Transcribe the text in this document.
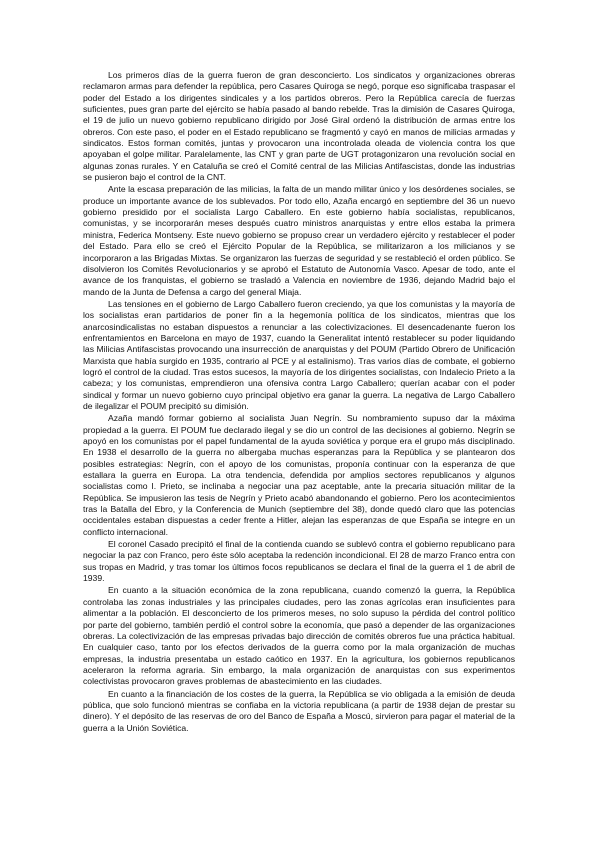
Los primeros días de la guerra fueron de gran desconcierto. Los sindicatos y organizaciones obreras reclamaron armas para defender la república, pero Casares Quiroga se negó, porque eso significaba traspasar el poder del Estado a los dirigentes sindicales y a los partidos obreros. Pero la República carecía de fuerzas suficientes, pues gran parte del ejército se había pasado al bando rebelde. Tras la dimisión de Casares Quiroga, el 19 de julio un nuevo gobierno republicano dirigido por José Giral ordenó la distribución de armas entre los obreros. Con este paso, el poder en el Estado republicano se fragmentó y cayó en manos de milicias armadas y sindicatos. Estos forman comités, juntas y provocaron una incontrolada oleada de violencia contra los que apoyaban el golpe militar. Paralelamente, las CNT y gran parte de UGT protagonizaron una revolución social en algunas zonas rurales. Y en Cataluña se creó el Comité central de las Milicias Antifascistas, donde las industrias se pusieron bajo el control de la CNT.

Ante la escasa preparación de las milicias, la falta de un mando militar único y los desórdenes sociales, se produce un importante avance de los sublevados. Por todo ello, Azaña encargó en septiembre del 36 un nuevo gobierno presidido por el socialista Largo Caballero. En este gobierno había socialistas, republicanos, comunistas, y se incorporarán meses después cuatro ministros anarquistas y entre ellos estaba la primera ministra, Federica Montseny. Este nuevo gobierno se propuso crear un verdadero ejército y restablecer el poder del Estado. Para ello se creó el Ejército Popular de la República, se militarizaron a los milicianos y se incorporaron a las Brigadas Mixtas. Se organizaron las fuerzas de seguridad y se restableció el orden público. Se disolvieron los Comités Revolucionarios y se aprobó el Estatuto de Autonomía Vasco. Apesar de todo, ante el avance de los franquistas, el gobierno se trasladó a Valencia en noviembre de 1936, dejando Madrid bajo el mando de la Junta de Defensa a cargo del general Miaja.

Las tensiones en el gobierno de Largo Caballero fueron creciendo, ya que los comunistas y la mayoría de los socialistas eran partidarios de poner fin a la hegemonía política de los sindicatos, mientras que los anarcosindicalistas no estaban dispuestos a renunciar a las colectivizaciones. El desencadenante fueron los enfrentamientos en Barcelona en mayo de 1937, cuando la Generalitat intentó restablecer su poder liquidando las Milicias Antifascistas provocando una insurrección de anarquistas y del POUM (Partido Obrero de Unificación Marxista que había surgido en 1935, contrario al PCE y al estalinismo). Tras varios días de combate, el gobierno logró el control de la ciudad. Tras estos sucesos, la mayoría de los dirigentes socialistas, con Indalecio Prieto a la cabeza; y los comunistas, emprendieron una ofensiva contra Largo Caballero; querían acabar con el poder sindical y formar un nuevo gobierno cuyo principal objetivo era ganar la guerra. La negativa de Largo Caballero de ilegalizar el POUM precipitó su dimisión.

Azaña mandó formar gobierno al socialista Juan Negrín. Su nombramiento supuso dar la máxima propiedad a la guerra. El POUM fue declarado ilegal y se dio un control de las decisiones al gobierno. Negrín se apoyó en los comunistas por el papel fundamental de la ayuda soviética y porque era el grupo más disciplinado. En 1938 el desarrollo de la guerra no albergaba muchas esperanzas para la República y se plantearon dos posibles estrategias: Negrín, con el apoyo de los comunistas, proponía continuar con la esperanza de que estallara la guerra en Europa. La otra tendencia, defendida por amplios sectores republicanos y algunos socialistas como I. Prieto, se inclinaba a negociar una paz aceptable, ante la precaria situación militar de la República. Se impusieron las tesis de Negrín y Prieto acabó abandonando el gobierno. Pero los acontecimientos tras la Batalla del Ebro, y la Conferencia de Munich (septiembre del 38), donde quedó claro que las potencias occidentales estaban dispuestas a ceder frente a Hitler, alejan las esperanzas de que España se integre en un conflicto internacional.

El coronel Casado precipitó el final de la contienda cuando se sublevó contra el gobierno republicano para negociar la paz con Franco, pero éste sólo aceptaba la redención incondicional. El 28 de marzo Franco entra con sus tropas en Madrid, y tras tomar los últimos focos republicanos se declara el final de la guerra el 1 de abril de 1939.

En cuanto a la situación económica de la zona republicana, cuando comenzó la guerra, la República controlaba las zonas industriales y las principales ciudades, pero las zonas agrícolas eran insuficientes para alimentar a la población. El desconcierto de los primeros meses, no solo supuso la pérdida del control político por parte del gobierno, también perdió el control sobre la economía, que pasó a depender de las organizaciones obreras. La colectivización de las empresas privadas bajo dirección de comités obreros fue una práctica habitual. En cualquier caso, tanto por los efectos derivados de la guerra como por la mala organización de muchas empresas, la industria presentaba un estado caótico en 1937. En la agricultura, los gobiernos republicanos aceleraron la reforma agraria. Sin embargo, la mala organización de anarquistas con sus experimentos colectivistas provocaron graves problemas de abastecimiento en las ciudades.

En cuanto a la financiación de los costes de la guerra, la República se vio obligada a la emisión de deuda pública, que solo funcionó mientras se confiaba en la victoria republicana (a partir de 1938 dejan de prestar su dinero). Y el depósito de las reservas de oro del Banco de España a Moscú, sirvieron para pagar el material de la guerra a la Unión Soviética.
